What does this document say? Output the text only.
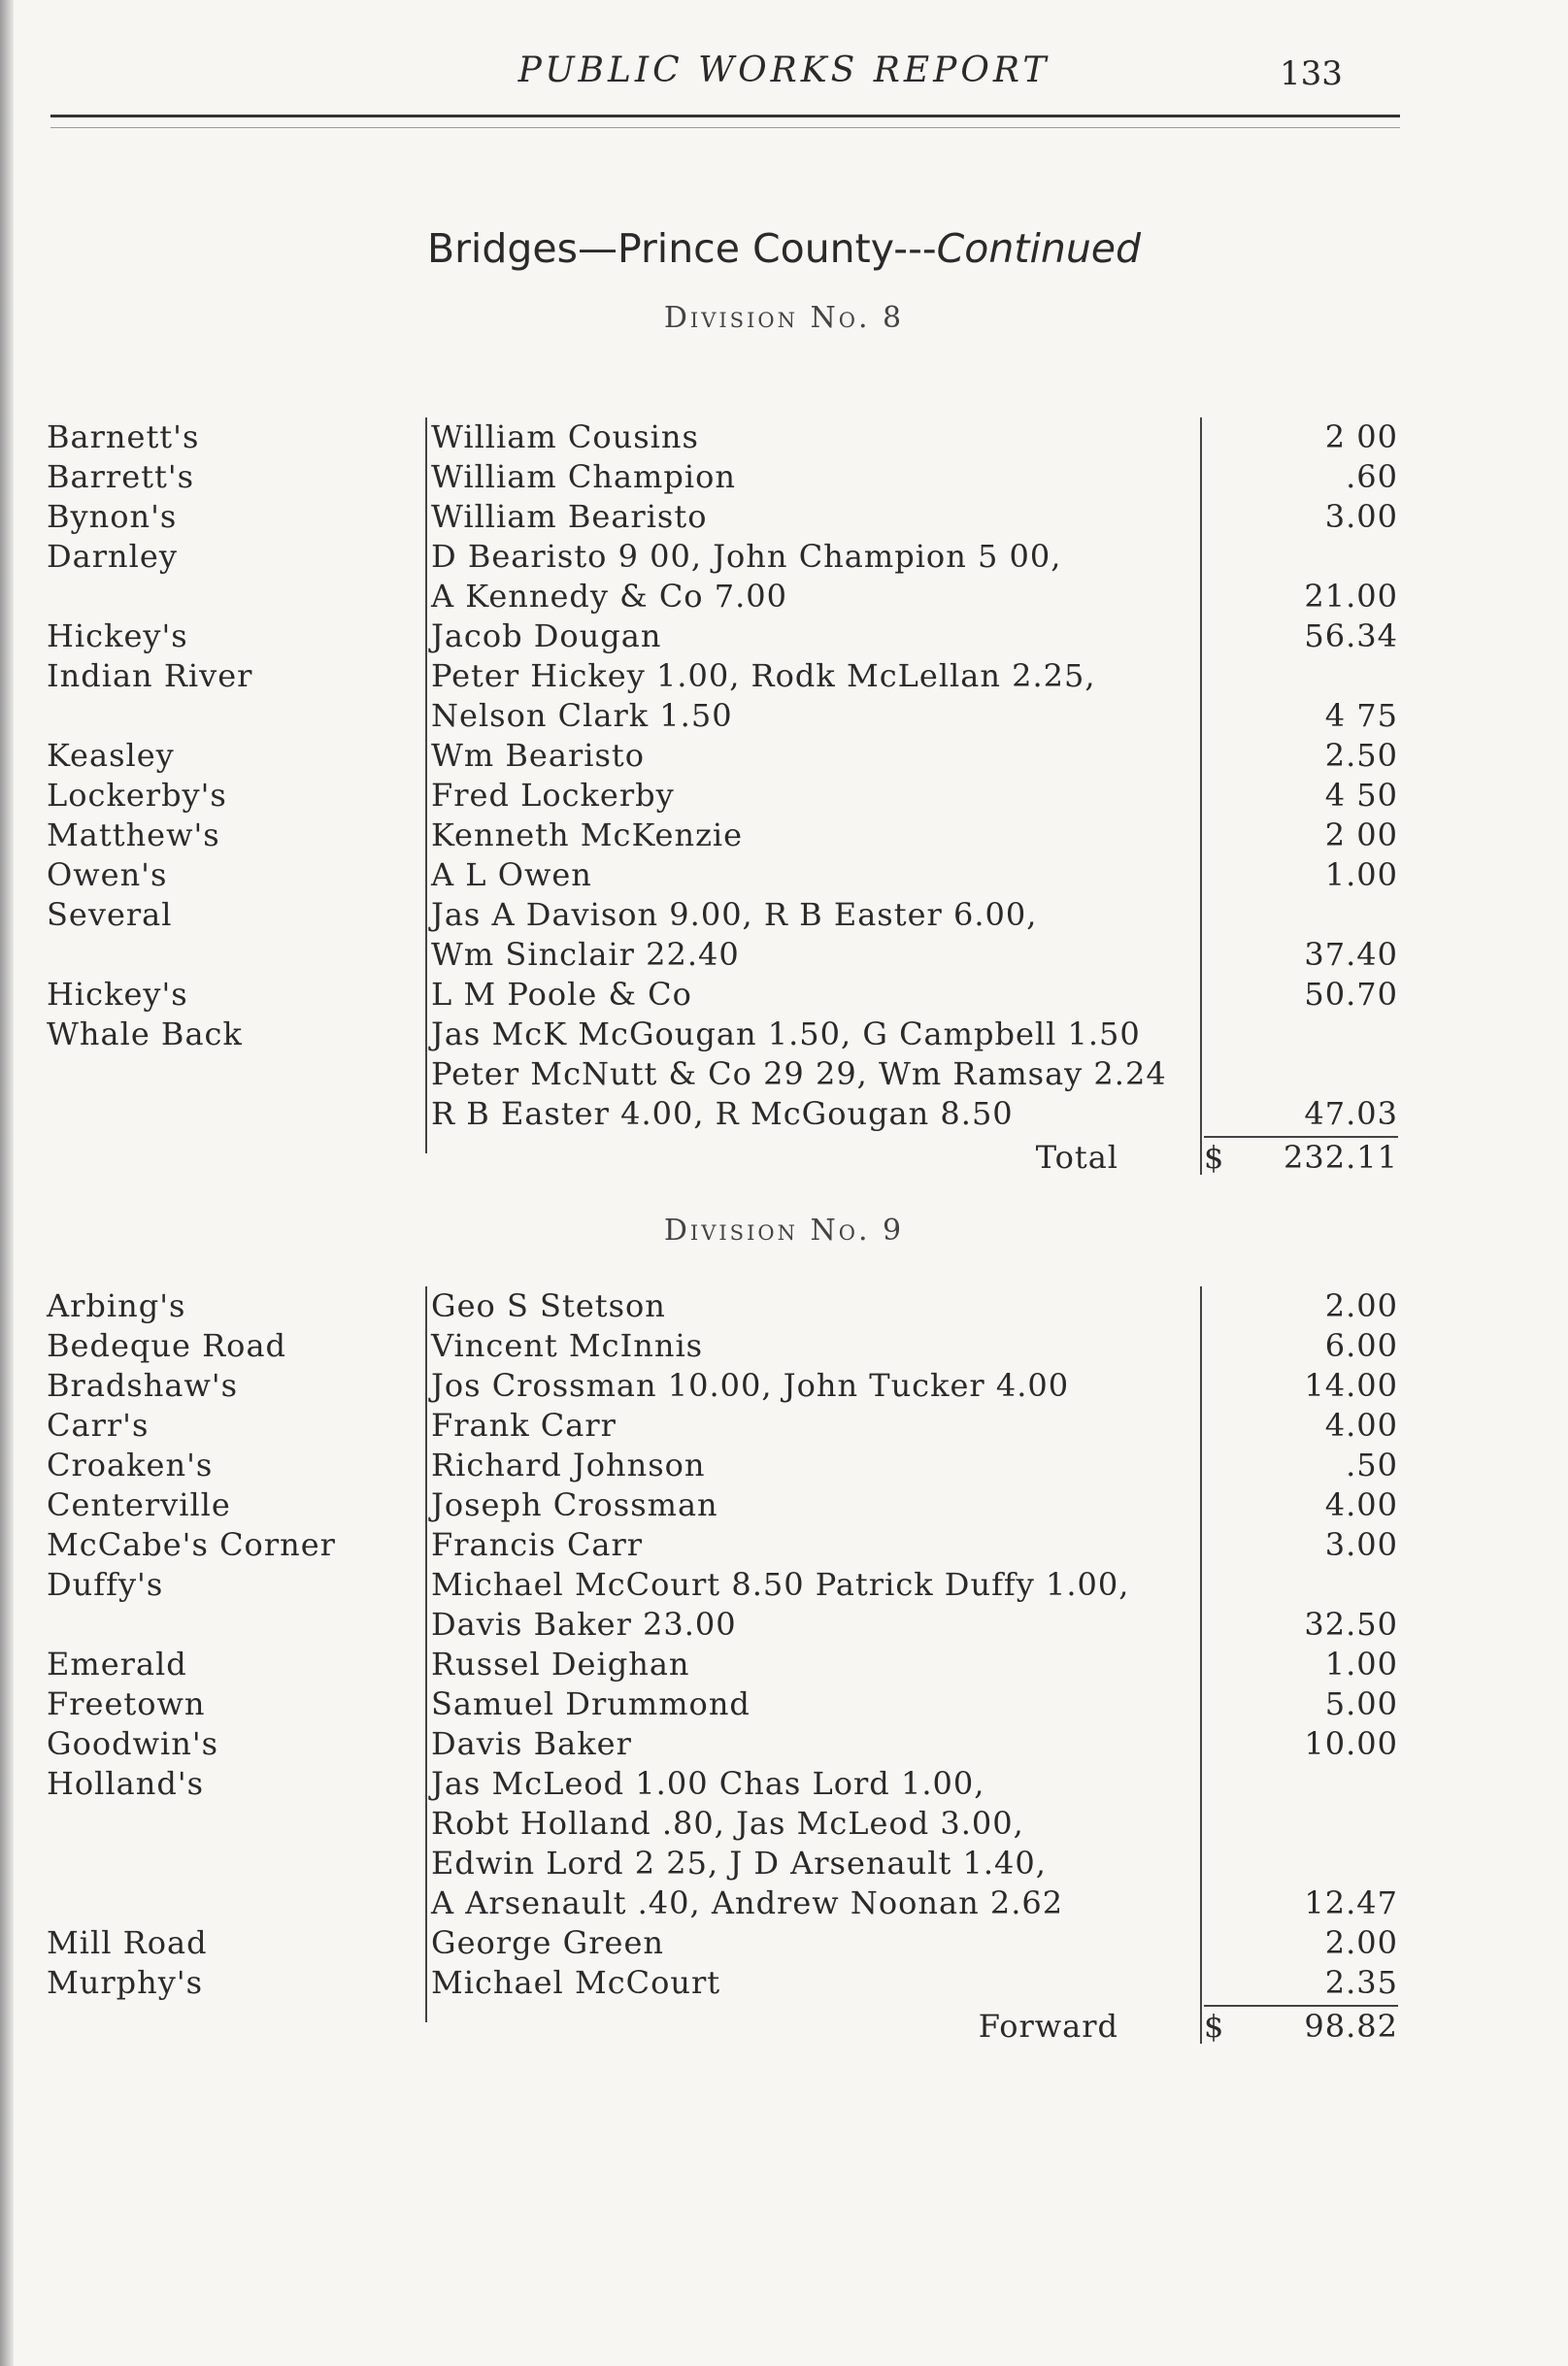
PUBLIC WORKS REPORT	133
Bridges—Prince County---Continued
Division No. 8
Barnett's	William Cousins	2 00
Barrett's	William Champion	.60
Bynon's	William Bearisto	3.00
Darnley	D Bearisto 9 00, John Champion 5 00,
A Kennedy & Co 7.00	21.00
Hickey's	Jacob Dougan	56.34
Indian River	Peter Hickey 1.00, Rodk McLellan 2.25,
Nelson Clark 1.50	4 75
Keasley	Wm Bearisto	2.50
Lockerby's	Fred Lockerby	4 50
Matthew's	Kenneth McKenzie	2 00
Owen's	A L Owen	1.00
Several	Jas A Davison 9.00, R B Easter 6.00,
Wm Sinclair 22.40	37.40
Hickey's	L M Poole & Co	50.70
Whale Back	Jas McK McGougan 1.50, G Campbell 1.50
Peter McNutt & Co 29 29, Wm Ramsay 2.24
R B Easter 4.00, R McGougan 8.50	47.03
Total	$	232.11
Division No. 9
Arbing's	Geo S Stetson	2.00
Bedeque Road	Vincent McInnis	6.00
Bradshaw's	Jos Crossman 10.00, John Tucker 4.00	14.00
Carr's	Frank Carr	4.00
Croaken's	Richard Johnson	.50
Centerville	Joseph Crossman	4.00
McCabe's Corner	Francis Carr	3.00
Duffy's	Michael McCourt 8.50 Patrick Duffy 1.00,
Davis Baker 23.00	32.50
Emerald	Russel Deighan	1.00
Freetown	Samuel Drummond	5.00
Goodwin's	Davis Baker	10.00
Holland's	Jas McLeod 1.00 Chas Lord 1.00,
Robt Holland .80, Jas McLeod 3.00,
Edwin Lord 2 25, J D Arsenault 1.40,
A Arsenault .40, Andrew Noonan 2.62	12.47
Mill Road	George Green	2.00
Murphy's	Michael McCourt	2.35
Forward	$	98.82
